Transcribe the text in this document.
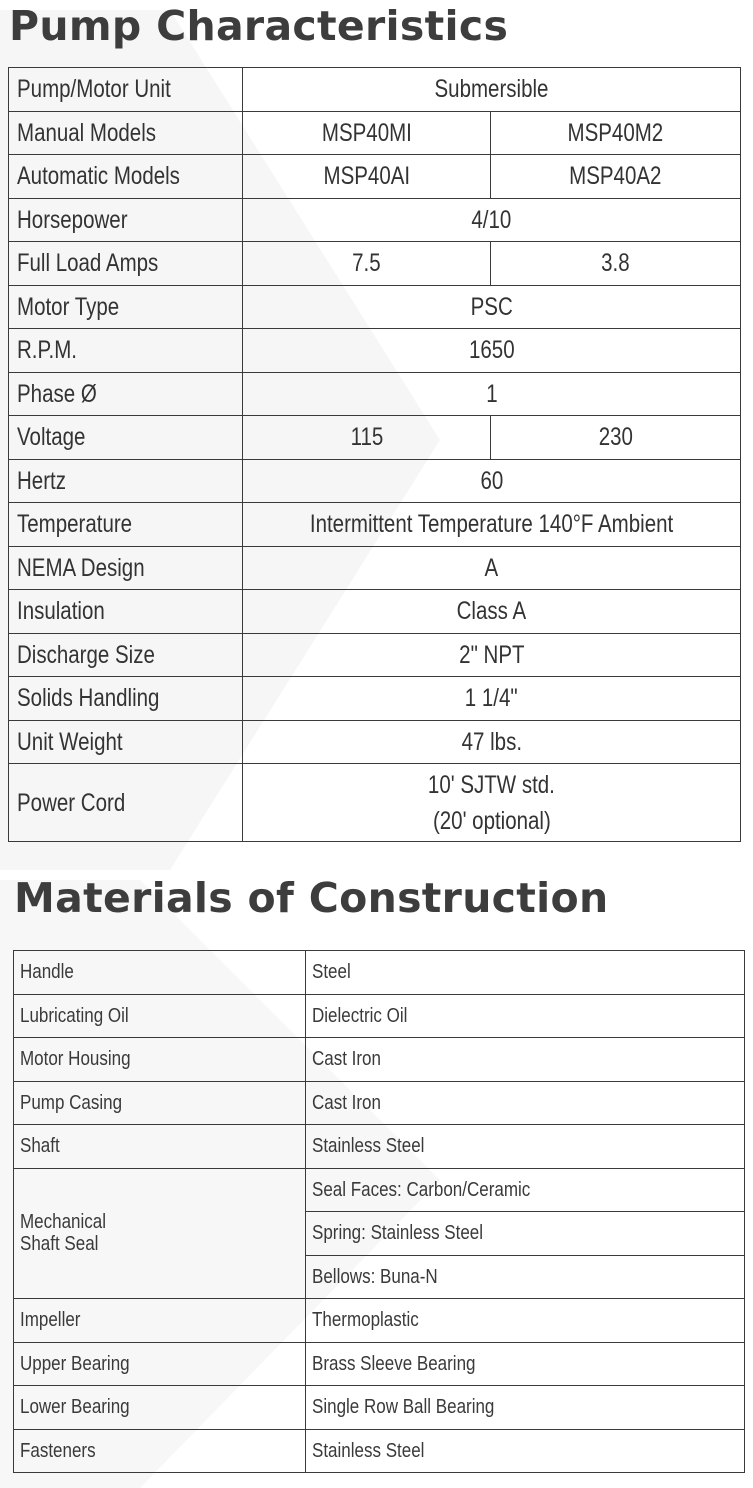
Pump Characteristics
Pump/Motor Unit	Submersible	
Manual Models	MSP40MI	MSP40M2
Automatic Models	MSP40AI	MSP40A2
Horsepower	4/10	
Full Load Amps	7.5	3.8
Motor Type	PSC	
R.P.M.	1650	
Phase Ø	1	
Voltage	115	230
Hertz	60	
Temperature	Intermittent Temperature 140°F Ambient	
NEMA Design	A	
Insulation	Class A	
Discharge Size	2" NPT	
Solids Handling	1 1/4"	
Unit Weight	47 lbs.	
Power Cord	10' SJTW std.
(20' optional)	
Materials of Construction
Handle	Steel
Lubricating Oil	Dielectric Oil
Motor Housing	Cast Iron
Pump Casing	Cast Iron
Shaft	Stainless Steel
Mechanical
Shaft Seal	Seal Faces: Carbon/Ceramic
	Spring: Stainless Steel
	Bellows: Buna-N
Impeller	Thermoplastic
Upper Bearing	Brass Sleeve Bearing
Lower Bearing	Single Row Ball Bearing
Fasteners	Stainless Steel
